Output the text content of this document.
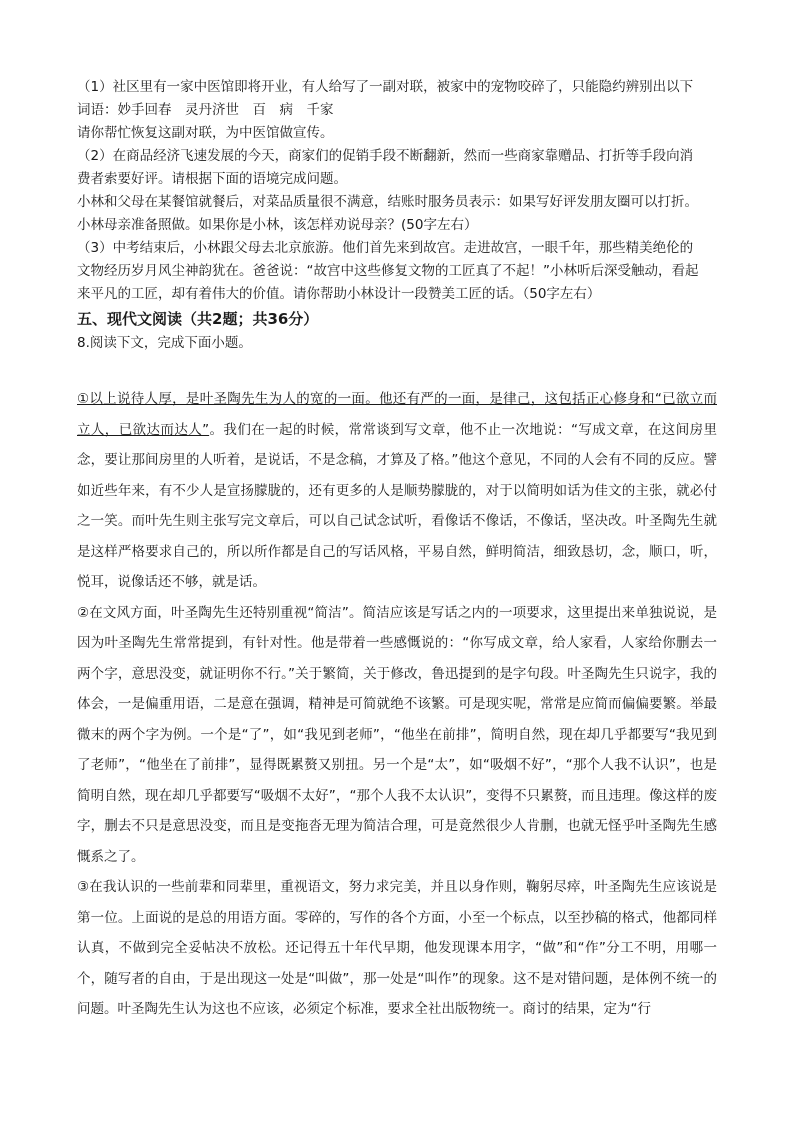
（1）社区里有一家中医馆即将开业，有人给写了一副对联，被家中的宠物咬碎了，只能隐约辨别出以下

词语：妙手回春　灵丹济世　百　病　千家

请你帮忙恢复这副对联，为中医馆做宣传。

（2）在商品经济飞速发展的今天，商家们的促销手段不断翻新，然而一些商家靠赠品、打折等手段向消

费者索要好评。请根据下面的语境完成问题。

小林和父母在某餐馆就餐后，对菜品质量很不满意，结账时服务员表示：如果写好评发朋友圈可以打折。

小林母亲准备照做。如果你是小林，该怎样劝说母亲？(50字左右）

（3）中考结束后，小林跟父母去北京旅游。他们首先来到故宫。走进故宫，一眼千年，那些精美绝伦的

文物经历岁月风尘神韵犹在。爸爸说：“故宫中这些修复文物的工匠真了不起！”小林听后深受触动，看起

来平凡的工匠，却有着伟大的价值。请你帮助小林设计一段赞美工匠的话。（50字左右）

五、现代文阅读（共2题；共36分）

8.阅读下文，完成下面小题。

①以上说待人厚，是叶圣陶先生为人的宽的一面。他还有严的一面，是律己，这包括正心修身和“已欲立而立人，已欲达而达人”。我们在一起的时候，常常谈到写文章，他不止一次地说：“写成文章，在这间房里念，要让那间房里的人听着，是说话，不是念稿，才算及了格。”他这个意见，不同的人会有不同的反应。譬如近些年来，有不少人是宣扬朦胧的，还有更多的人是顺势朦胧的，对于以简明如话为佳文的主张，就必付之一笑。而叶先生则主张写完文章后，可以自己试念试听，看像话不像话，不像话，坚决改。叶圣陶先生就是这样严格要求自己的，所以所作都是自己的写话风格，平易自然，鲜明简洁，细致恳切，念，顺口，听，悦耳，说像话还不够，就是话。

②在文风方面，叶圣陶先生还特别重视“简洁”。简洁应该是写话之内的一项要求，这里提出来单独说说，是因为叶圣陶先生常常提到，有针对性。他是带着一些感慨说的：“你写成文章，给人家看，人家给你删去一两个字，意思没变，就证明你不行。”关于繁简，关于修改，鲁迅提到的是字句段。叶圣陶先生只说字，我的体会，一是偏重用语，二是意在强调，精神是可简就绝不该繁。可是现实呢，常常是应简而偏偏要繁。举最微末的两个字为例。一个是“了”，如“我见到老师”，“他坐在前排”，简明自然，现在却几乎都要写“我见到了老师”，“他坐在了前排”，显得既累赘又别扭。另一个是“太”，如“吸烟不好”，“那个人我不认识”，也是简明自然，现在却几乎都要写“吸烟不太好”，“那个人我不太认识”，变得不只累赘，而且违理。像这样的废字，删去不只是意思没变，而且是变拖沓无理为简洁合理，可是竟然很少人肯删，也就无怪乎叶圣陶先生感慨系之了。

③在我认识的一些前辈和同辈里，重视语文，努力求完美，并且以身作则，鞠躬尽瘁，叶圣陶先生应该说是第一位。上面说的是总的用语方面。零碎的，写作的各个方面，小至一个标点，以至抄稿的格式，他都同样认真，不做到完全妥帖决不放松。还记得五十年代早期，他发现课本用字，“做”和“作”分工不明，用哪一个，随写者的自由，于是出现这一处是“叫做”，那一处是“叫作”的现象。这不是对错问题，是体例不统一的问题。叶圣陶先生认为这也不应该，必须定个标准，要求全社出版物统一。商讨的结果，定为“行
